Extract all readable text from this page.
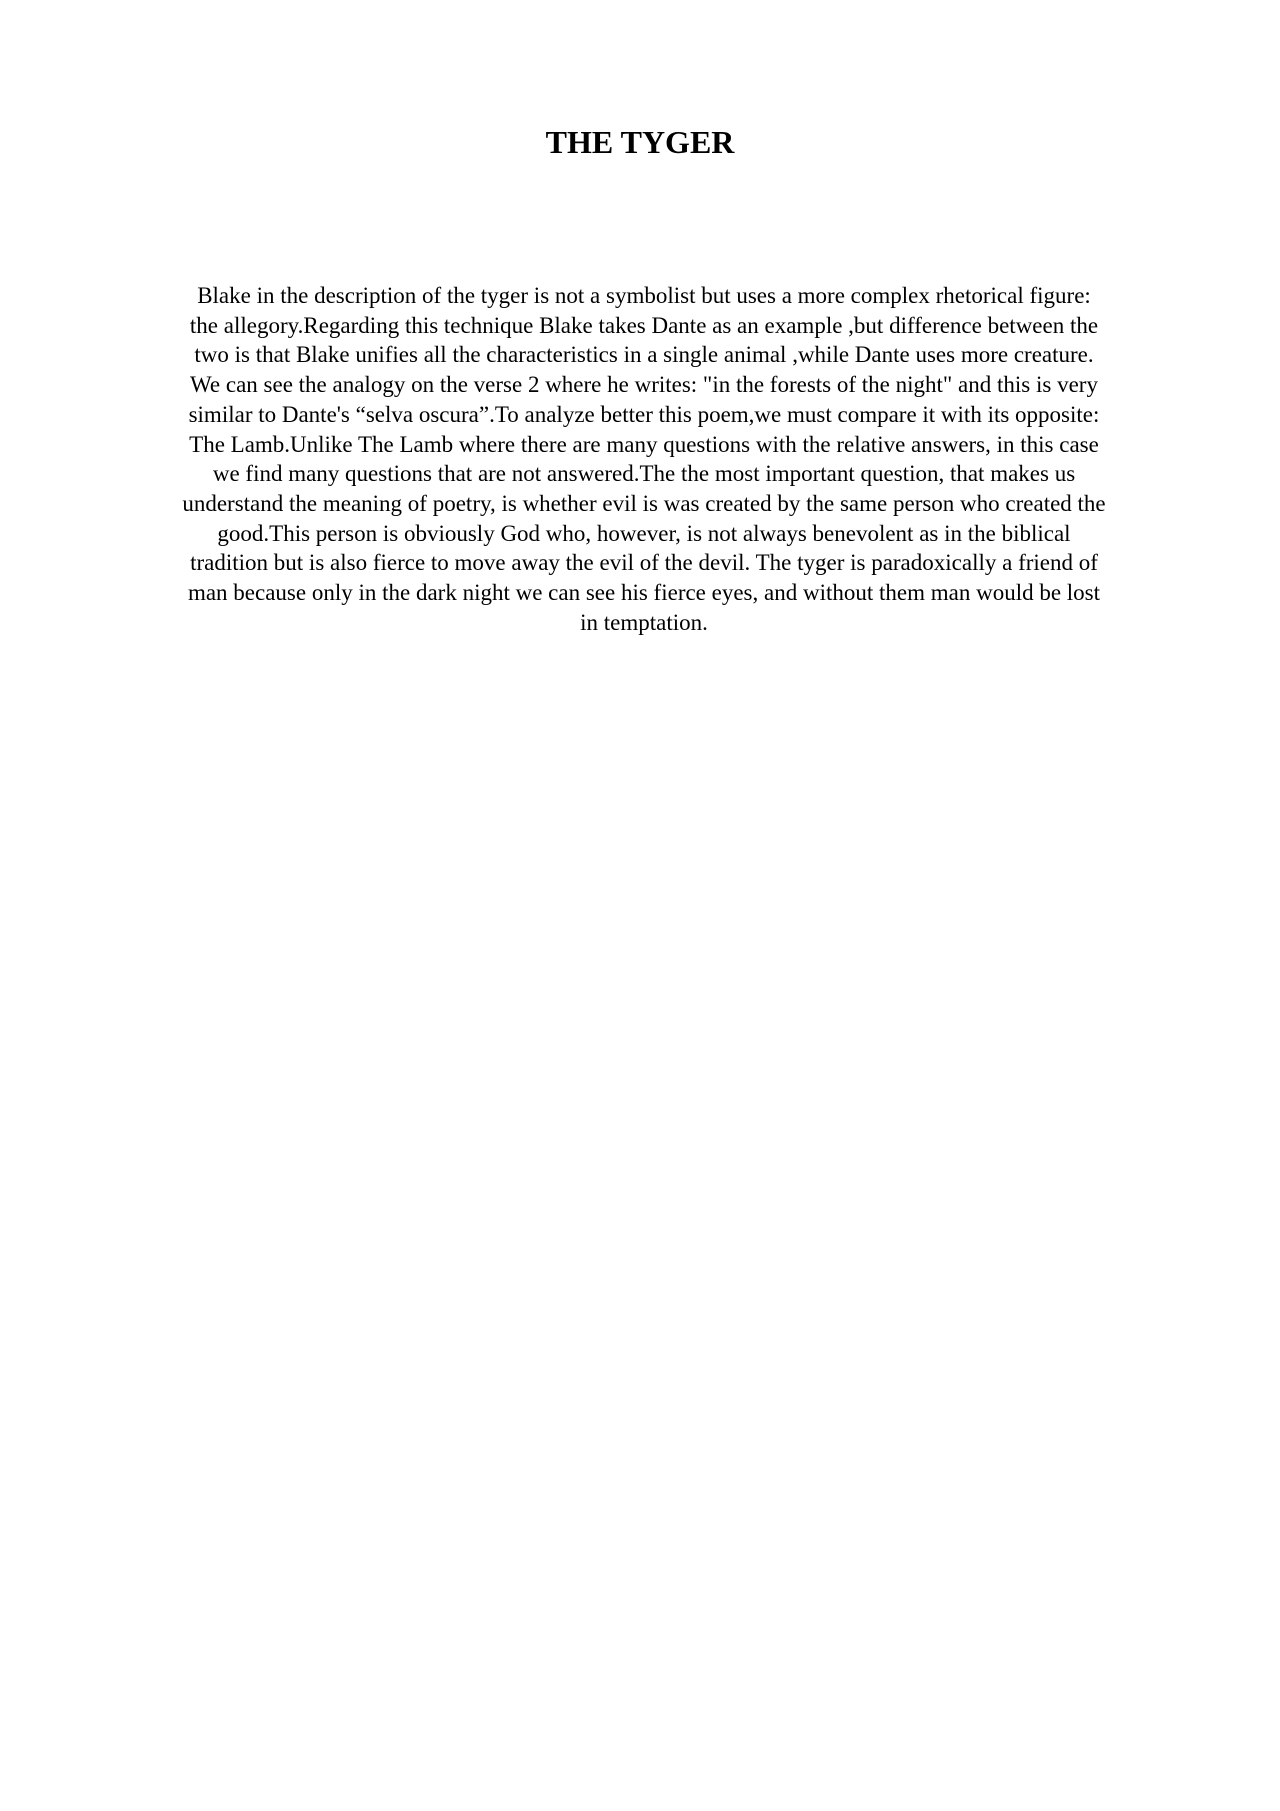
THE TYGER

Blake in the description of the tyger is not a symbolist but uses a more complex rhetorical figure:
the allegory.Regarding this technique Blake takes Dante as an example ,but difference between the
two is that Blake unifies all the characteristics in a single animal ,while Dante uses more creature.
We can see the analogy on the verse 2 where he writes: "in the forests of the night" and this is very
similar to Dante's “selva oscura”.To analyze better this poem,we must compare it with its opposite:
The Lamb.Unlike The Lamb where there are many questions with the relative answers, in this case
we find many questions that are not answered.The the most important question, that makes us
understand the meaning of poetry, is whether evil is was created by the same person who created the
good.This person is obviously God who, however, is not always benevolent as in the biblical
tradition but is also fierce to move away the evil of the devil. The tyger is paradoxically a friend of
man because only in the dark night we can see his fierce eyes, and without them man would be lost
in temptation.
